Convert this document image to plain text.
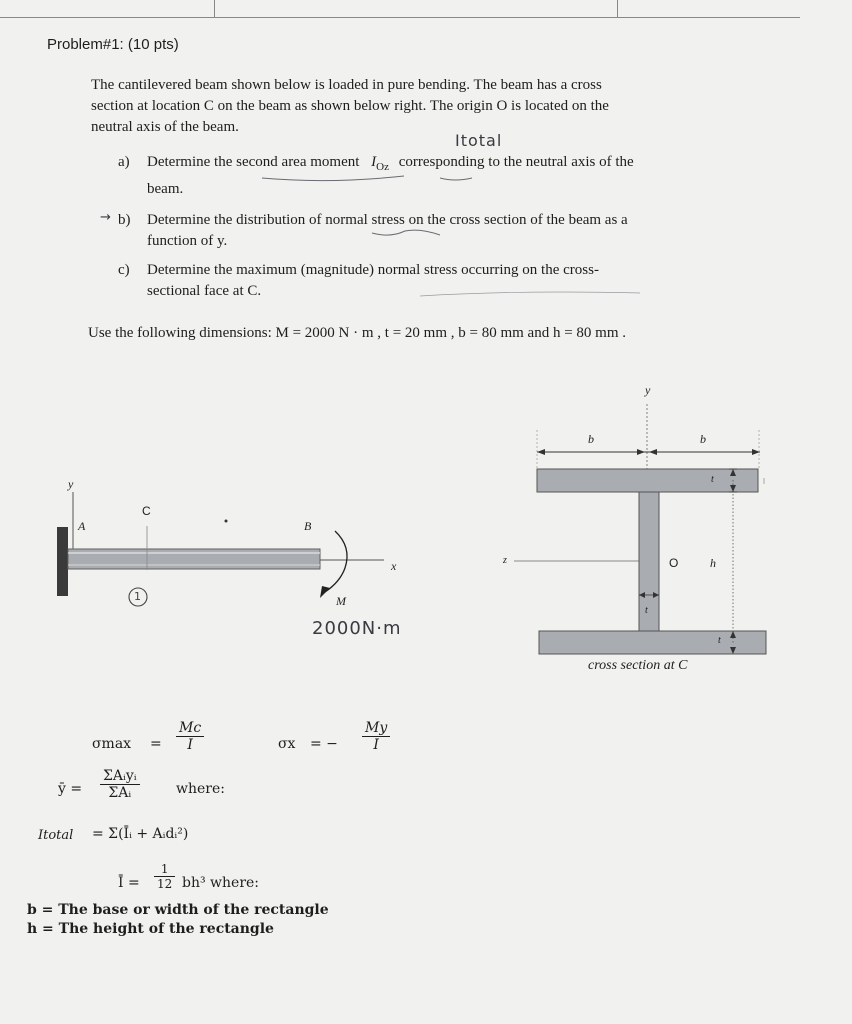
Problem#1: (10 pts)
The cantilevered beam shown below is loaded in pure bending. The beam has a cross
section at location C on the beam as shown below right. The origin O is located on the
neutral axis of the beam.
Itotal
a) Determine the second area moment $I_{Oz}$ corresponding to the neutral axis of the
beam.
→ b) Determine the distribution of normal stress on the cross section of the beam as a
function of y.
c) Determine the maximum (magnitude) normal stress occurring on the cross-
sectional face at C.
Use the following dimensions: M = 2000 N · m , t = 20 mm , b = 80 mm and h = 80 mm .
y
A
C
B
x
M
1
2000N·m
y
b	b
t
t
t
z	O	h
cross section at C
$\sigma\max = \frac{Mc}{I}$	σx = − $\frac{My}{I}$
ȳ =
ΣAᵢyᵢ
ΣAᵢ	where:
Itotal = Σ(Īᵢ + Aᵢdᵢ²)
Ī = $\frac{1}{12} bh^3$ where:
b = The base or width of the rectangle
h = The height of the rectangle
